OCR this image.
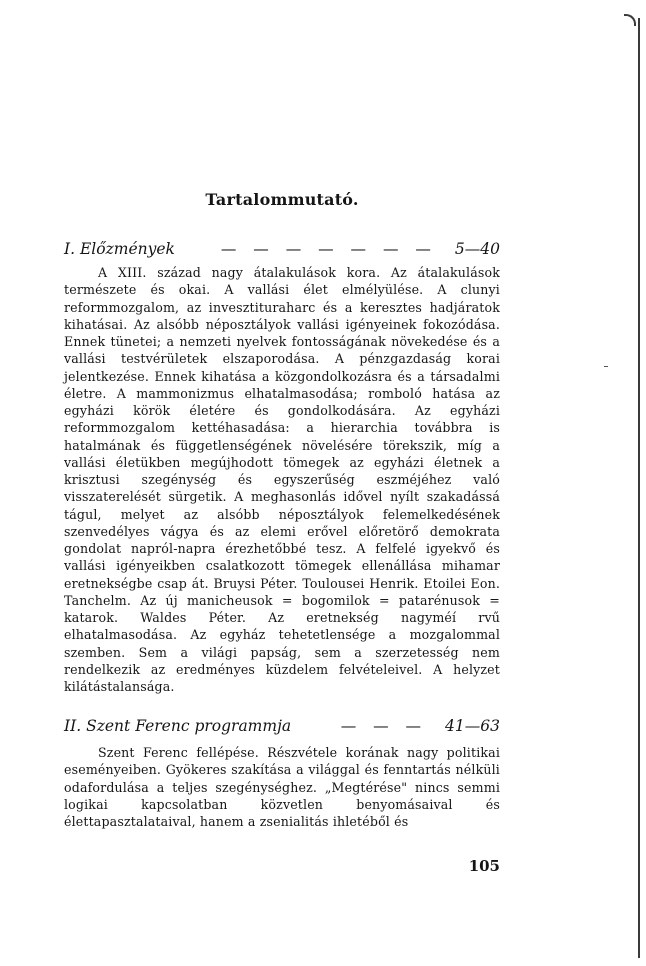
Tartalommutató.
I. Előzmények	— — — — — — —	5—40
A XIII. század nagy átalakulások kora. Az átalakulások természete és okai. A vallási élet elmélyülése. A clunyi reformmozgalom, az invesztituraharc és a keresztes hadjáratok kihatásai. Az alsóbb néposztályok vallási igényeinek fokozódása. Ennek tünetei; a nemzeti nyelvek fontosságának növekedése és a vallási testvérületek elszaporodása. A pénzgazdaság korai jelentkezése. Ennek kihatása a közgondolkozásra és a társadalmi életre. A mammonizmus elhatalmasodása; romboló hatása az egyházi körök életére és gondolkodására. Az egyházi reformmozgalom kettéhasadása: a hierarchia továbbra is hatalmának és függetlenségének növelésére törekszik, míg a vallási életükben megújhodott tömegek az egyházi életnek a krisztusi szegénység és egyszerűség eszméjéhez való visszaterelését sürgetik. A meghasonlás idővel nyílt szakadássá tágul, melyet az alsóbb néposztályok felemelkedésének szenvedélyes vágya és az elemi erővel előretörő demokrata gondolat napról-napra érezhetőbbé tesz. A felfelé igyekvő és vallási igényeikben csalatkozott tömegek ellenállása mihamar eretnekségbe csap át. Bruysi Péter. Toulousei Henrik. Etoilei Eon. Tanchelm. Az új manicheusok = bogomilok = patarénusok = katarok. Waldes Péter. Az eretnekség nagyméí rvű elhatalmasodása. Az egyház tehetetlensége a mozgalommal szemben. Sem a világi papság, sem a szerzetesség nem rendelkezik az eredményes küzdelem felvételeivel. A helyzet kilátástalansága.
II. Szent Ferenc programmja	— — —	41—63
Szent Ferenc fellépése. Részvétele korának nagy politikai eseményeiben. Gyökeres szakítása a világgal és fenntartás nélküli odafordulása a teljes szegénységhez. „Megtérése" nincs semmi logikai kapcsolatban közvetlen benyomásaival és élettapasztalataival, hanem a zsenialitás ihletéből és
105
